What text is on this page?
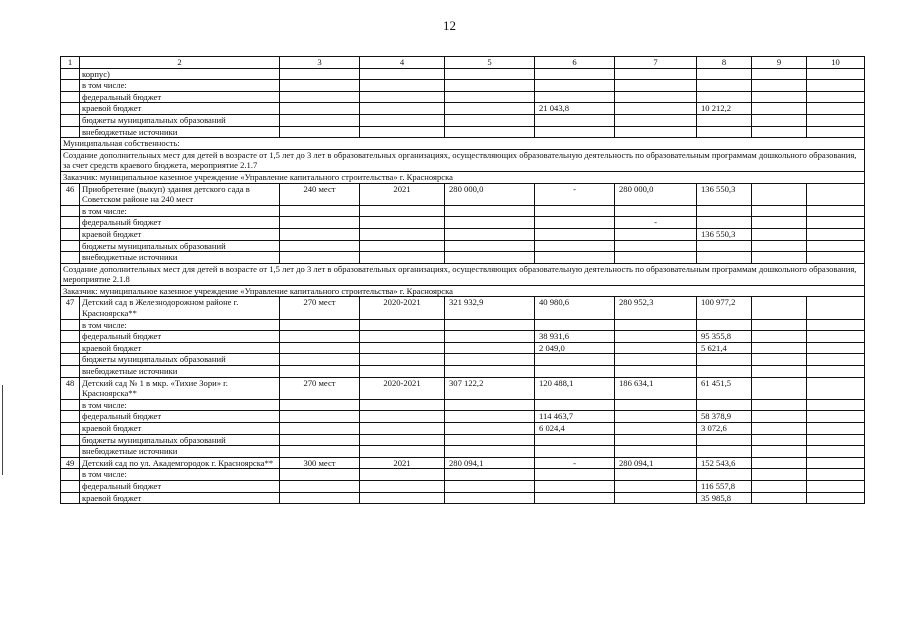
12
1	2	3	4	5	6	7	8	9	10
	корпус)								
	в том числе:								
	федеральный бюджет								
	краевой бюджет				21 043,8		10 212,2		
	бюджеты муниципальных образований								
	внебюджетные источники								
Муниципальная собственность:									
Создание дополнительных мест для детей в возрасте от 1,5 лет до 3 лет в образовательных организациях, осуществляющих образовательную деятельность по образовательным программам дошкольного образования, за счет средств краевого бюджета, мероприятие 2.1.7									
Заказчик: муниципальное казенное учреждение «Управление капитального строительства» г. Красноярска									
46	Приобретение (выкуп) здания детского сада в Советском районе на 240 мест	240 мест	2021	280 000,0	-	280 000,0	136 550,3		
	в том числе:								
	федеральный бюджет					-			
	краевой бюджет						136 550,3		
	бюджеты муниципальных образований								
	внебюджетные источники								
Создание дополнительных мест для детей в возрасте от 1,5 лет до 3 лет в образовательных организациях, осуществляющих образовательную деятельность по образовательным программам дошкольного образования, мероприятие 2.1.8									
Заказчик: муниципальное казенное учреждение «Управление капитального строительства» г. Красноярска									
47	Детский сад в Железнодорожном районе г. Красноярска**	270 мест	2020-2021	321 932,9	40 980,6	280 952,3	100 977,2		
	в том числе:								
	федеральный бюджет				38 931,6		95 355,8		
	краевой бюджет				2 049,0		5 621,4		
	бюджеты муниципальных образований								
	внебюджетные источники								
48	Детский сад № 1 в мкр. «Тихие Зори» г. Красноярска**	270 мест	2020-2021	307 122,2	120 488,1	186 634,1	61 451,5		
	в том числе:								
	федеральный бюджет				114 463,7		58 378,9		
	краевой бюджет				6 024,4		3 072,6		
	бюджеты муниципальных образований								
	внебюджетные источники								
49	Детский сад по ул. Академгородок г. Красноярска**	300 мест	2021	280 094,1	-	280 094,1	152 543,6		
	в том числе:								
	федеральный бюджет						116 557,8		
	краевой бюджет						35 985,8		
